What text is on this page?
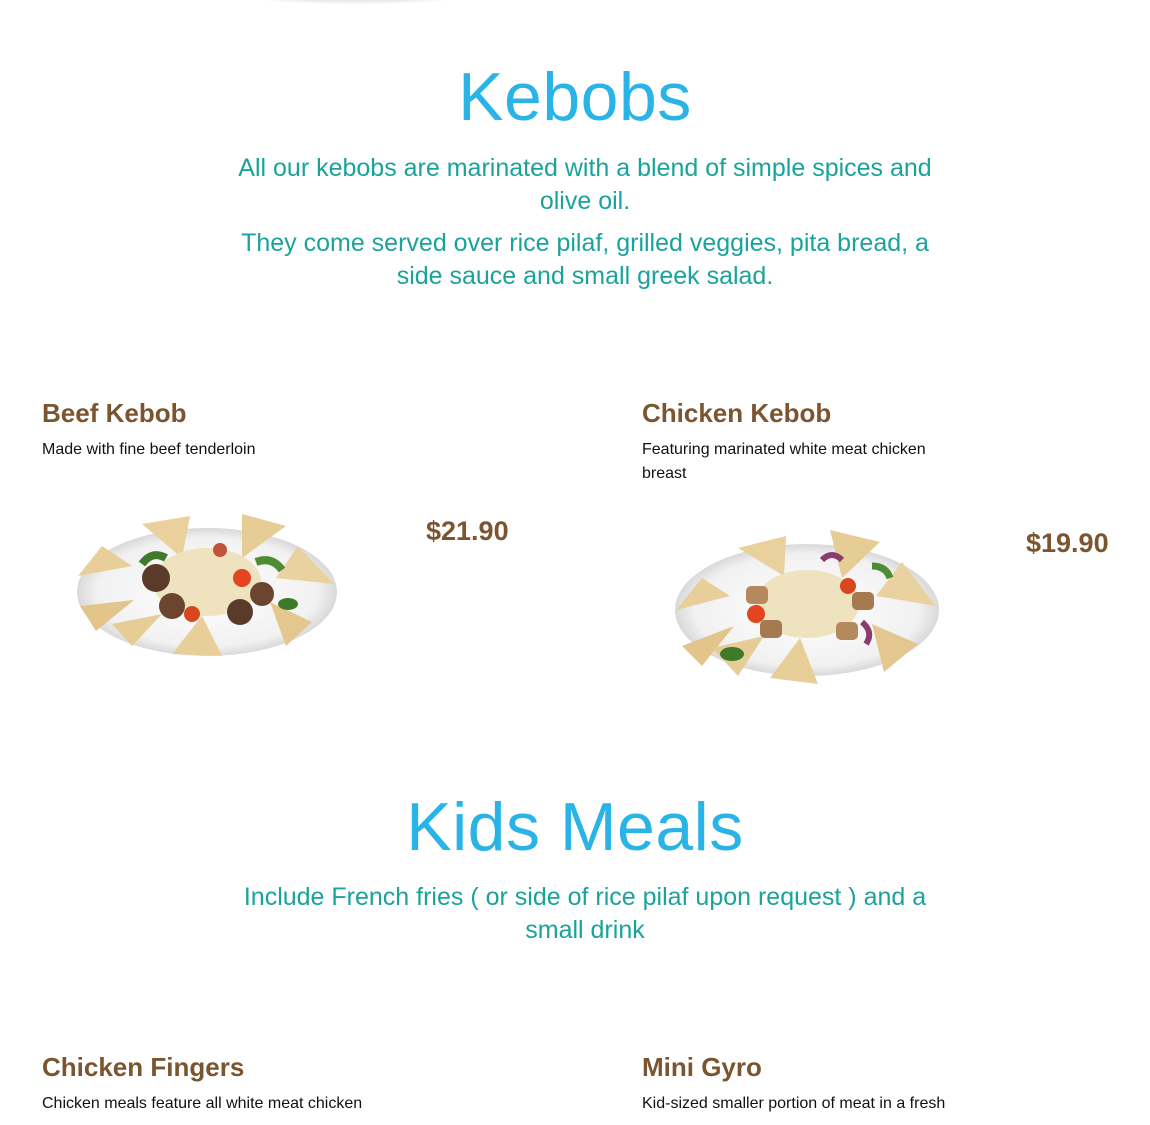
Kebobs

All our kebobs are marinated with a blend of simple spices and olive oil.

They come served over rice pilaf, grilled veggies, pita bread, a side sauce and small greek salad.

Beef Kebob

Made with fine beef tenderloin

$21.90
Chicken Kebob

Featuring marinated white meat chicken breast

$19.90
Kids Meals

Include French fries ( or side of rice pilaf upon request ) and a small drink

Chicken Fingers

Chicken meals feature all white meat chicken

Mini Gyro

Kid-sized smaller portion of meat in a fresh
